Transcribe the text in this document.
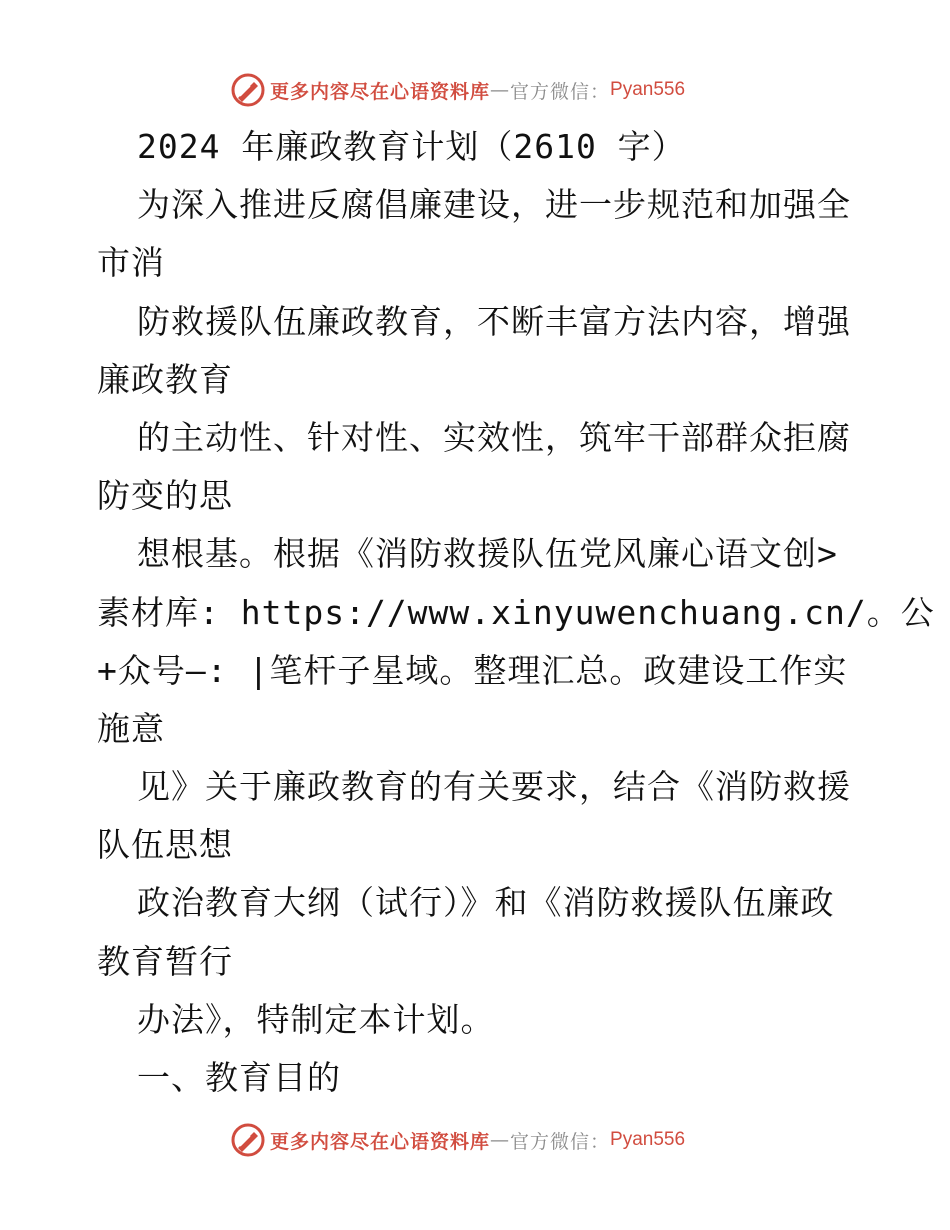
更多内容尽在心语资料库 — 官方微信： Pyan556
2024 年廉政教育计划（2610 字）
为深入推进反腐倡廉建设，进一步规范和加强全
市消
防救援队伍廉政教育，不断丰富方法内容，增强
廉政教育
的主动性、针对性、实效性，筑牢干部群众拒腐
防变的思
想根基。根据《消防救援队伍党风廉心语文创>
素材库: https://www.xinyuwenchuang.cn/。公
+众号—: |笔杆子星域。整理汇总。政建设工作实
施意
见》关于廉政教育的有关要求，结合《消防救援
队伍思想
政治教育大纲（试行）》和《消防救援队伍廉政
教育暂行
办法》，特制定本计划。
一、教育目的
更多内容尽在心语资料库 — 官方微信： Pyan556
